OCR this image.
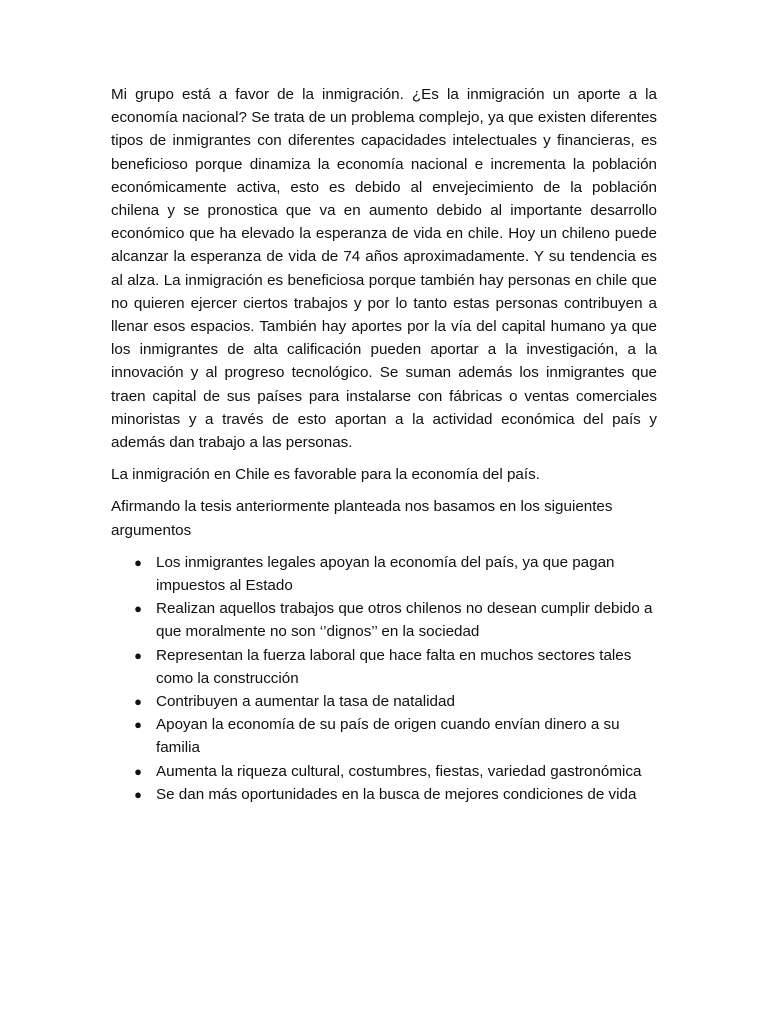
Mi grupo está a favor de la inmigración. ¿Es la inmigración un aporte a la economía nacional? Se trata de un problema complejo, ya que existen diferentes tipos de inmigrantes con diferentes capacidades intelectuales y financieras, es beneficioso porque dinamiza la economía nacional e incrementa la población económicamente activa, esto es debido al envejecimiento de la población chilena y se pronostica que va en aumento debido al importante desarrollo económico que ha elevado la esperanza de vida en chile. Hoy un chileno puede alcanzar la esperanza de vida de 74 años aproximadamente. Y su tendencia es al alza. La inmigración es beneficiosa porque también hay personas en chile que no quieren ejercer ciertos trabajos y por lo tanto estas personas contribuyen a llenar esos espacios. También hay aportes por la vía del capital humano ya que los inmigrantes de alta calificación pueden aportar a la investigación, a la innovación y al progreso tecnológico. Se suman además los inmigrantes que traen capital de sus países para instalarse con fábricas o ventas comerciales minoristas y a través de esto aportan a la actividad económica del país y además dan trabajo a las personas.

La inmigración en Chile es favorable para la economía del país.

Afirmando la tesis anteriormente planteada nos basamos en los siguientes argumentos

● Los inmigrantes legales apoyan la economía del país, ya que pagan impuestos al Estado
● Realizan aquellos trabajos que otros chilenos no desean cumplir debido a que moralmente no son ‘’dignos’’ en la sociedad
● Representan la fuerza laboral que hace falta en muchos sectores tales como la construcción
● Contribuyen a aumentar la tasa de natalidad
● Apoyan la economía de su país de origen cuando envían dinero a su familia
● Aumenta la riqueza cultural, costumbres, fiestas, variedad gastronómica
● Se dan más oportunidades en la busca de mejores condiciones de vida
